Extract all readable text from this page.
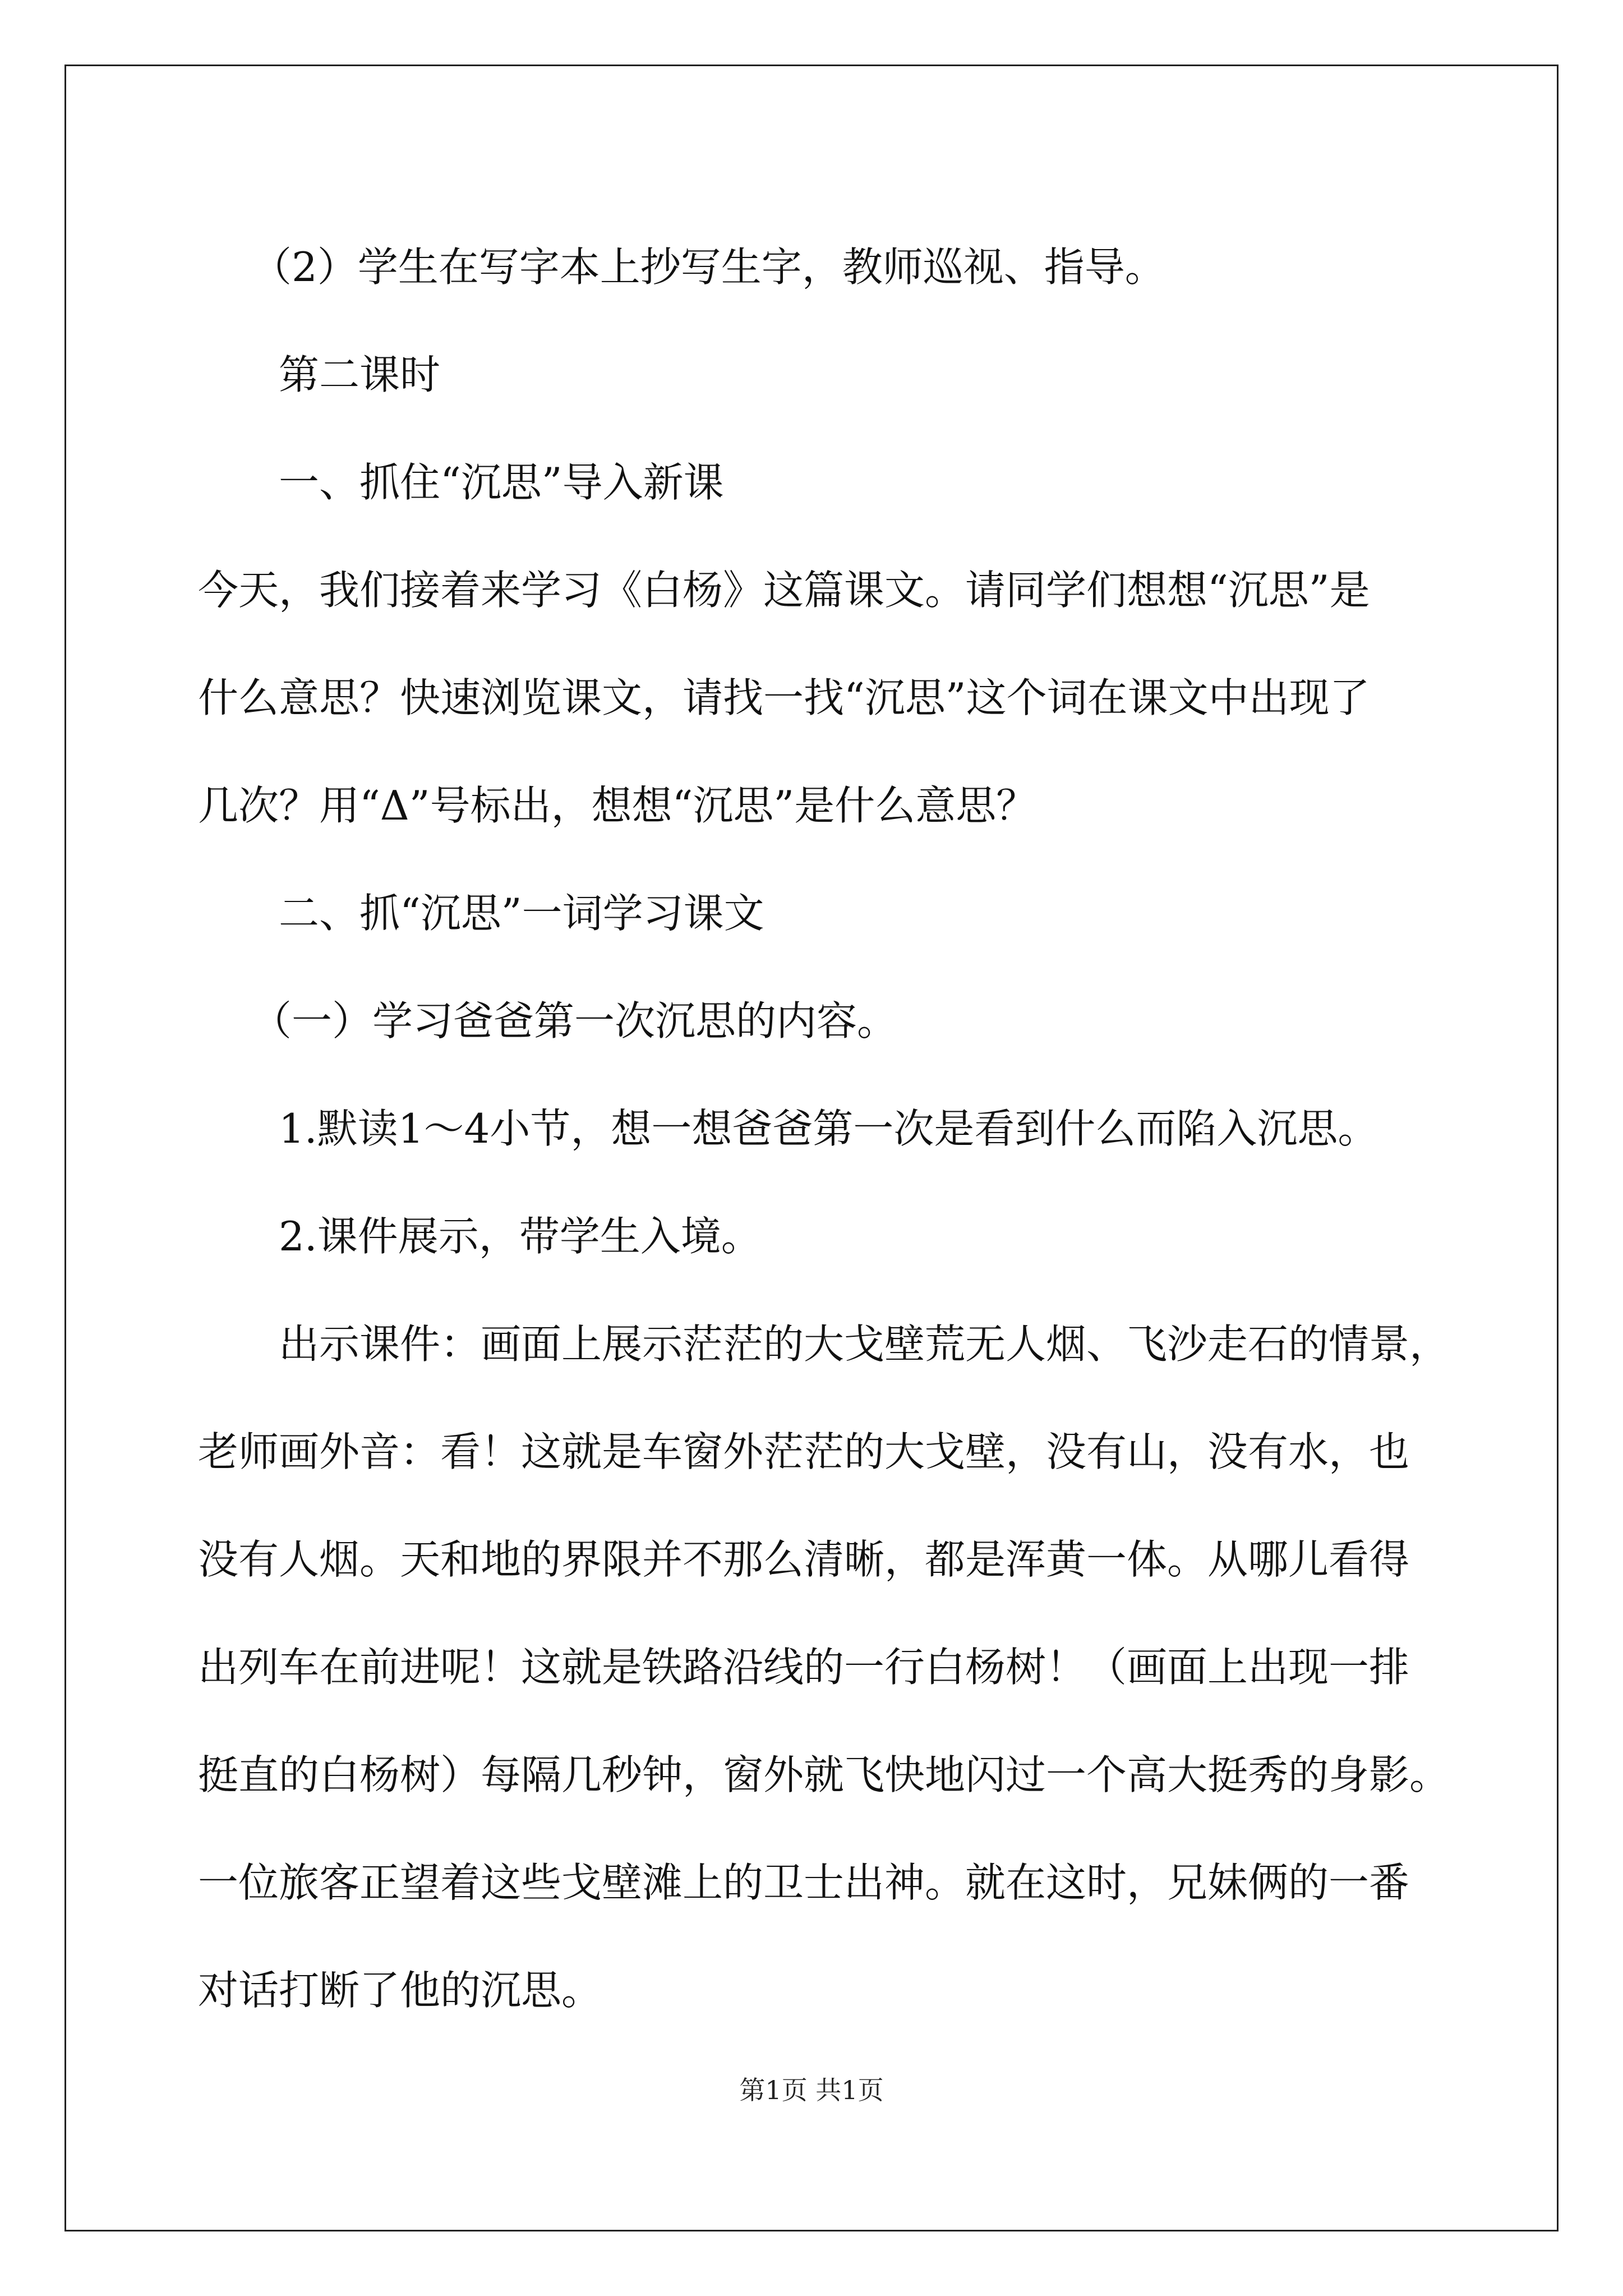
（2）学生在写字本上抄写生字，教师巡视、指导。

第二课时

一、抓住“沉思”导入新课

今天，我们接着来学习《白杨》这篇课文。请同学们想想“沉思”是
什么意思？快速浏览课文，请找一找“沉思”这个词在课文中出现了
几次？用“Δ”号标出，想想“沉思”是什么意思？

二、抓“沉思”一词学习课文

（一）学习爸爸第一次沉思的内容。

1.默读1～4小节，想一想爸爸第一次是看到什么而陷入沉思。

2.课件展示，带学生入境。

出示课件：画面上展示茫茫的大戈壁荒无人烟、飞沙走石的情景，
老师画外音：看！这就是车窗外茫茫的大戈壁，没有山，没有水，也
没有人烟。天和地的界限并不那么清晰，都是浑黄一体。从哪儿看得
出列车在前进呢！这就是铁路沿线的一行白杨树！（画面上出现一排
挺直的白杨树）每隔几秒钟，窗外就飞快地闪过一个高大挺秀的身影。
一位旅客正望着这些戈壁滩上的卫士出神。就在这时，兄妹俩的一番
对话打断了他的沉思。

第1页 共1页
